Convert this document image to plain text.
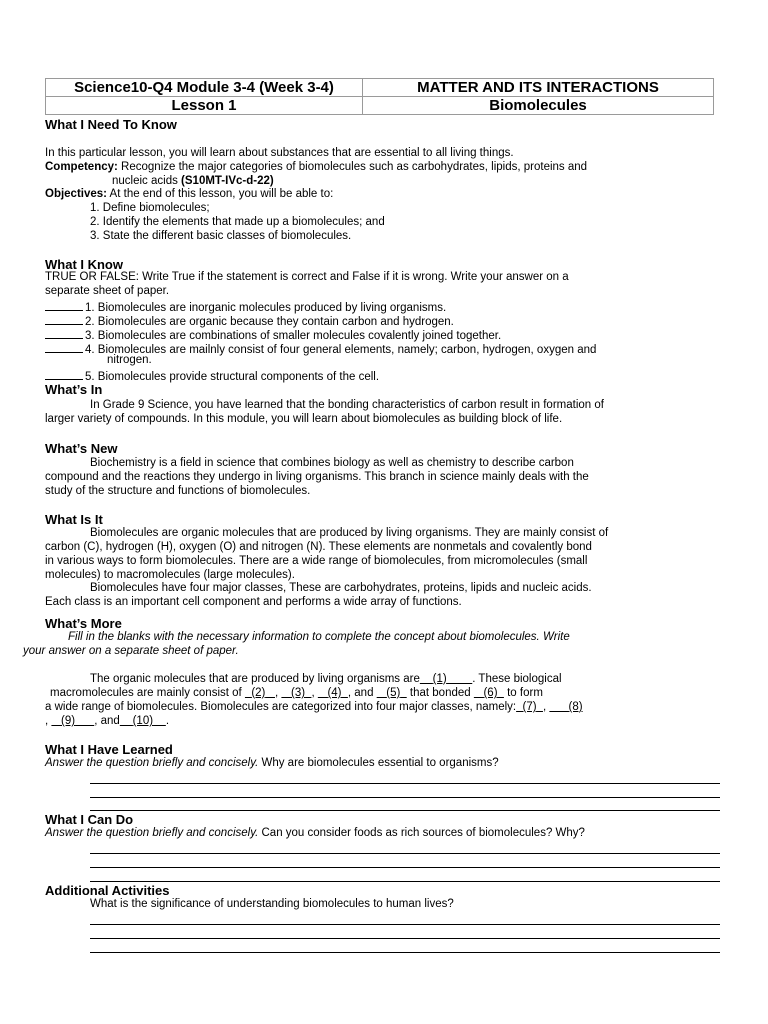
Science10-Q4 Module 3-4 (Week 3-4)	MATTER AND ITS INTERACTIONS
Lesson 1	Biomolecules
What I Need To Know
In this particular lesson, you will learn about substances that are essential to all living things.
Competency: Recognize the major categories of biomolecules such as carbohydrates, lipids, proteins and
nucleic acids (S10MT-IVc-d-22)
Objectives: At the end of this lesson, you will be able to:
1. Define biomolecules;
2. Identify the elements that made up a biomolecules; and
3. State the different basic classes of biomolecules.
What I Know
TRUE OR FALSE: Write True if the statement is correct and False if it is wrong. Write your answer on a
separate sheet of paper.
1. Biomolecules are inorganic molecules produced by living organisms.
2. Biomolecules are organic because they contain carbon and hydrogen.
3. Biomolecules are combinations of smaller molecules covalently joined together.
4. Biomolecules are mailnly consist of four general elements, namely; carbon, hydrogen, oxygen and
nitrogen.
5. Biomolecules provide structural components of the cell.
What’s In
In Grade 9 Science, you have learned that the bonding characteristics of carbon result in formation of
larger variety of compounds. In this module, you will learn about biomolecules as building block of life.
What’s New
Biochemistry is a field in science that combines biology as well as chemistry to describe carbon
compound and the reactions they undergo in living organisms. This branch in science mainly deals with the
study of the structure and functions of biomolecules.
What Is It
Biomolecules are organic molecules that are produced by living organisms. They are mainly consist of
carbon (C), hydrogen (H), oxygen (O) and nitrogen (N). These elements are nonmetals and covalently bond
in various ways to form biomolecules. There are a wide range of biomolecules, from micromolecules (small
molecules) to macromolecules (large molecules).
Biomolecules have four major classes, These are carbohydrates, proteins, lipids and nucleic acids.
Each class is an important cell component and performs a wide array of functions.
What’s More
Fill in the blanks with the necessary information to complete the concept about biomolecules. Write
your answer on a separate sheet of paper.
The organic molecules that are produced by living organisms are (1) . These biological
macromolecules are mainly consist of   (2) , (3) , (4) , and    (5)   that bonded    (6)   to form
a wide range of biomolecules. Biomolecules are categorized into four major classes, namely: (7) , (8)
, (9) , and (10) .
What I Have Learned
Answer the question briefly and concisely. Why are biomolecules essential to organisms?
What I Can Do
Answer the question briefly and concisely. Can you consider foods as rich sources of biomolecules? Why?
Additional Activities
What is the significance of understanding biomolecules to human lives?
